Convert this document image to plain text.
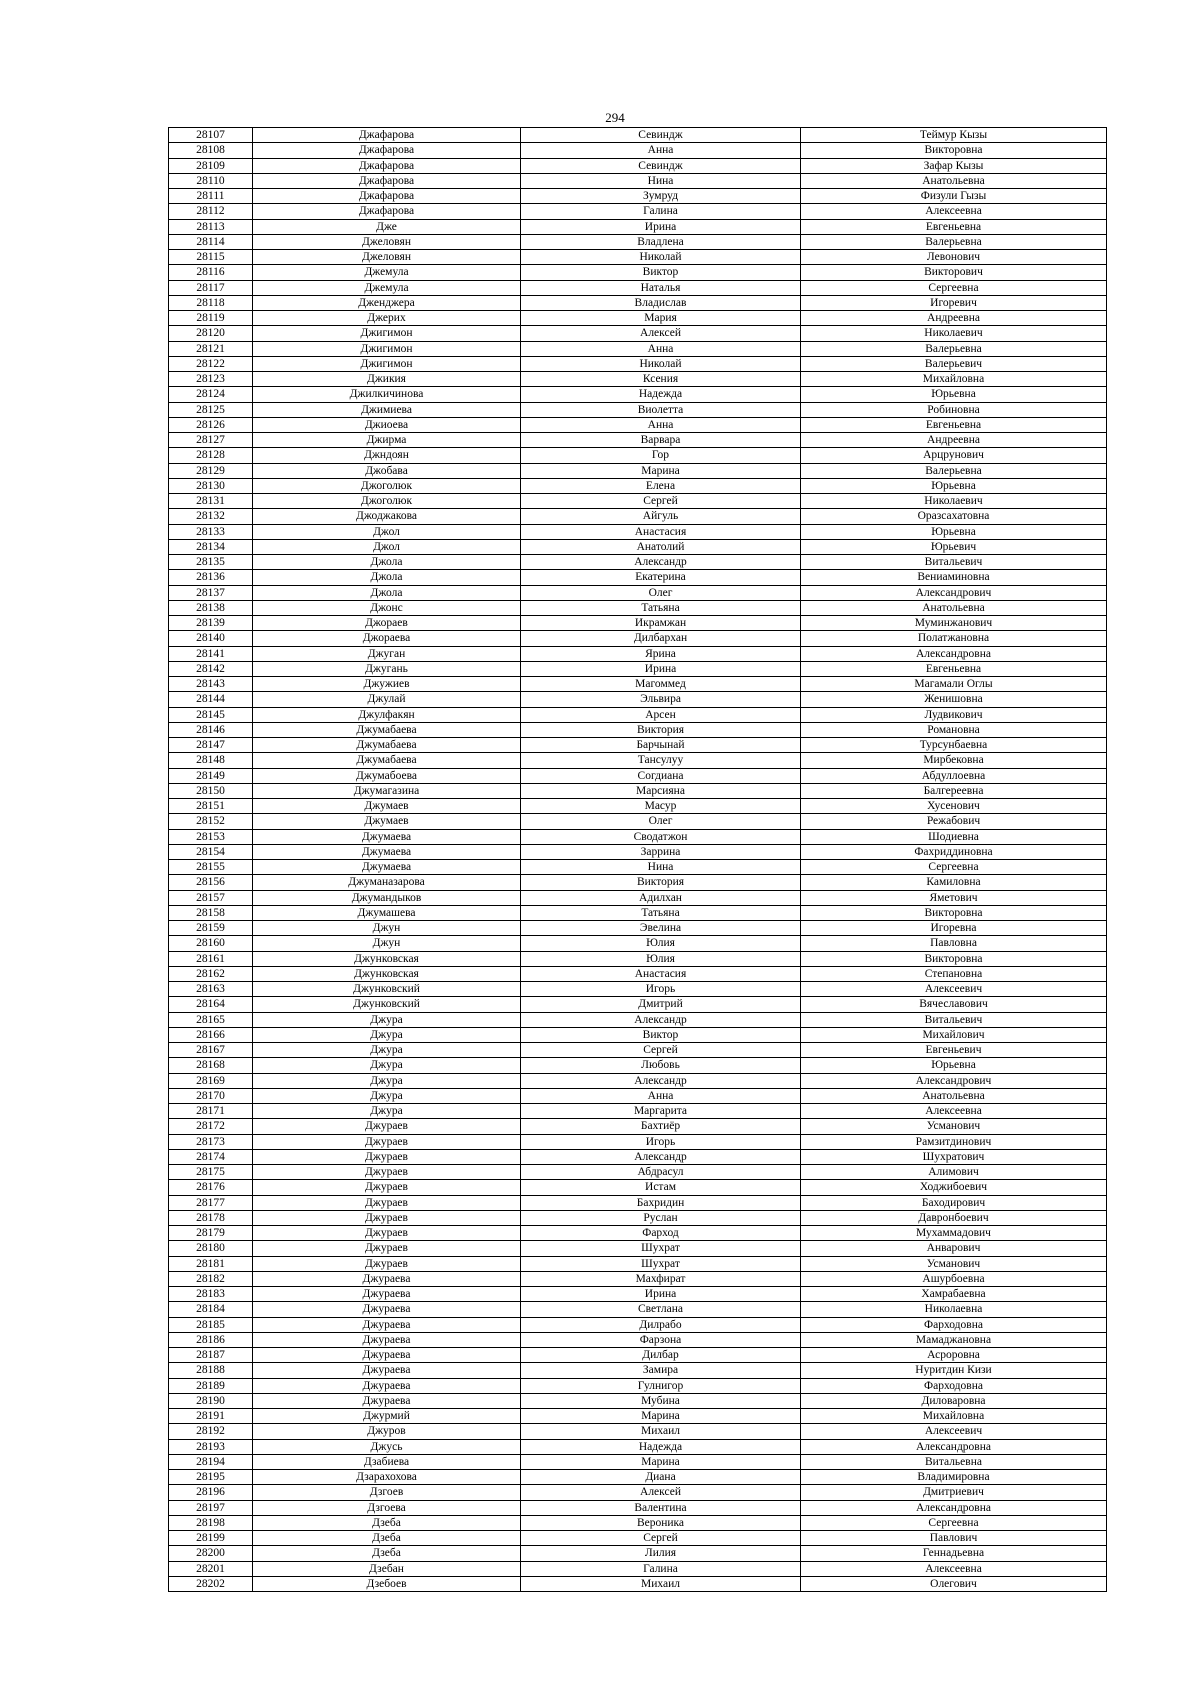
294
28107	Джафарова	Севиндж	Теймур Кызы
28108	Джафарова	Анна	Викторовна
28109	Джафарова	Севиндж	Зафар Кызы
28110	Джафарова	Нина	Анатольевна
28111	Джафарова	Зумруд	Физули Гызы
28112	Джафарова	Галина	Алексеевна
28113	Дже	Ирина	Евгеньевна
28114	Джеловян	Владлена	Валерьевна
28115	Джеловян	Николай	Левонович
28116	Джемула	Виктор	Викторович
28117	Джемула	Наталья	Сергеевна
28118	Дженджера	Владислав	Игоревич
28119	Джерих	Мария	Андреевна
28120	Джигимон	Алексей	Николаевич
28121	Джигимон	Анна	Валерьевна
28122	Джигимон	Николай	Валерьевич
28123	Джикия	Ксения	Михайловна
28124	Джилкичинова	Надежда	Юрьевна
28125	Джимиева	Виолетта	Робиновна
28126	Джиоева	Анна	Евгеньевна
28127	Джирма	Варвара	Андреевна
28128	Джндоян	Гор	Арцрунович
28129	Джобава	Марина	Валерьевна
28130	Джоголюк	Елена	Юрьевна
28131	Джоголюк	Сергей	Николаевич
28132	Джоджакова	Айгуль	Оразсахатовна
28133	Джол	Анастасия	Юрьевна
28134	Джол	Анатолий	Юрьевич
28135	Джола	Александр	Витальевич
28136	Джола	Екатерина	Вениаминовна
28137	Джола	Олег	Александрович
28138	Джонс	Татьяна	Анатольевна
28139	Джораев	Икрамжан	Муминжанович
28140	Джораева	Дилбархан	Полатжановна
28141	Джуган	Ярина	Александровна
28142	Джугань	Ирина	Евгеньевна
28143	Джужиев	Магоммед	Магамали Оглы
28144	Джулай	Эльвира	Женишовна
28145	Джулфакян	Арсен	Лудвикович
28146	Джумабаева	Виктория	Романовна
28147	Джумабаева	Барчынай	Турсунбаевна
28148	Джумабаева	Тансулуу	Мирбековна
28149	Джумабоева	Согдиана	Абдуллоевна
28150	Джумагазина	Марсияна	Балгереевна
28151	Джумаев	Масур	Хусенович
28152	Джумаев	Олег	Режабович
28153	Джумаева	Сводатжон	Шодиевна
28154	Джумаева	Заррина	Фахриддиновна
28155	Джумаева	Нина	Сергеевна
28156	Джуманазарова	Виктория	Камиловна
28157	Джумандыков	Адилхан	Яметович
28158	Джумашева	Татьяна	Викторовна
28159	Джун	Эвелина	Игоревна
28160	Джун	Юлия	Павловна
28161	Джунковская	Юлия	Викторовна
28162	Джунковская	Анастасия	Степановна
28163	Джунковский	Игорь	Алексеевич
28164	Джунковский	Дмитрий	Вячеславович
28165	Джура	Александр	Витальевич
28166	Джура	Виктор	Михайлович
28167	Джура	Сергей	Евгеньевич
28168	Джура	Любовь	Юрьевна
28169	Джура	Александр	Александрович
28170	Джура	Анна	Анатольевна
28171	Джура	Маргарита	Алексеевна
28172	Джураев	Бахтиёр	Усманович
28173	Джураев	Игорь	Рамзитдинович
28174	Джураев	Александр	Шухратович
28175	Джураев	Абдрасул	Алимович
28176	Джураев	Истам	Ходжибоевич
28177	Джураев	Бахридин	Баходирович
28178	Джураев	Руслан	Давронбоевич
28179	Джураев	Фарход	Мухаммадович
28180	Джураев	Шухрат	Анварович
28181	Джураев	Шухрат	Усманович
28182	Джураева	Махфират	Ашурбоевна
28183	Джураева	Ирина	Хамрабаевна
28184	Джураева	Светлана	Николаевна
28185	Джураева	Дилрабо	Фарходовна
28186	Джураева	Фарзона	Мамаджановна
28187	Джураева	Дилбар	Асроровна
28188	Джураева	Замира	Нуритдин Кизи
28189	Джураева	Гулнигор	Фарходовна
28190	Джураева	Мубина	Диловаровна
28191	Джурмий	Марина	Михайловна
28192	Джуров	Михаил	Алексеевич
28193	Джусь	Надежда	Александровна
28194	Дзабиева	Марина	Витальевна
28195	Дзарахохова	Диана	Владимировна
28196	Дзгоев	Алексей	Дмитриевич
28197	Дзгоева	Валентина	Александровна
28198	Дзеба	Вероника	Сергеевна
28199	Дзеба	Сергей	Павлович
28200	Дзеба	Лилия	Геннадьевна
28201	Дзебан	Галина	Алексеевна
28202	Дзебоев	Михаил	Олегович
